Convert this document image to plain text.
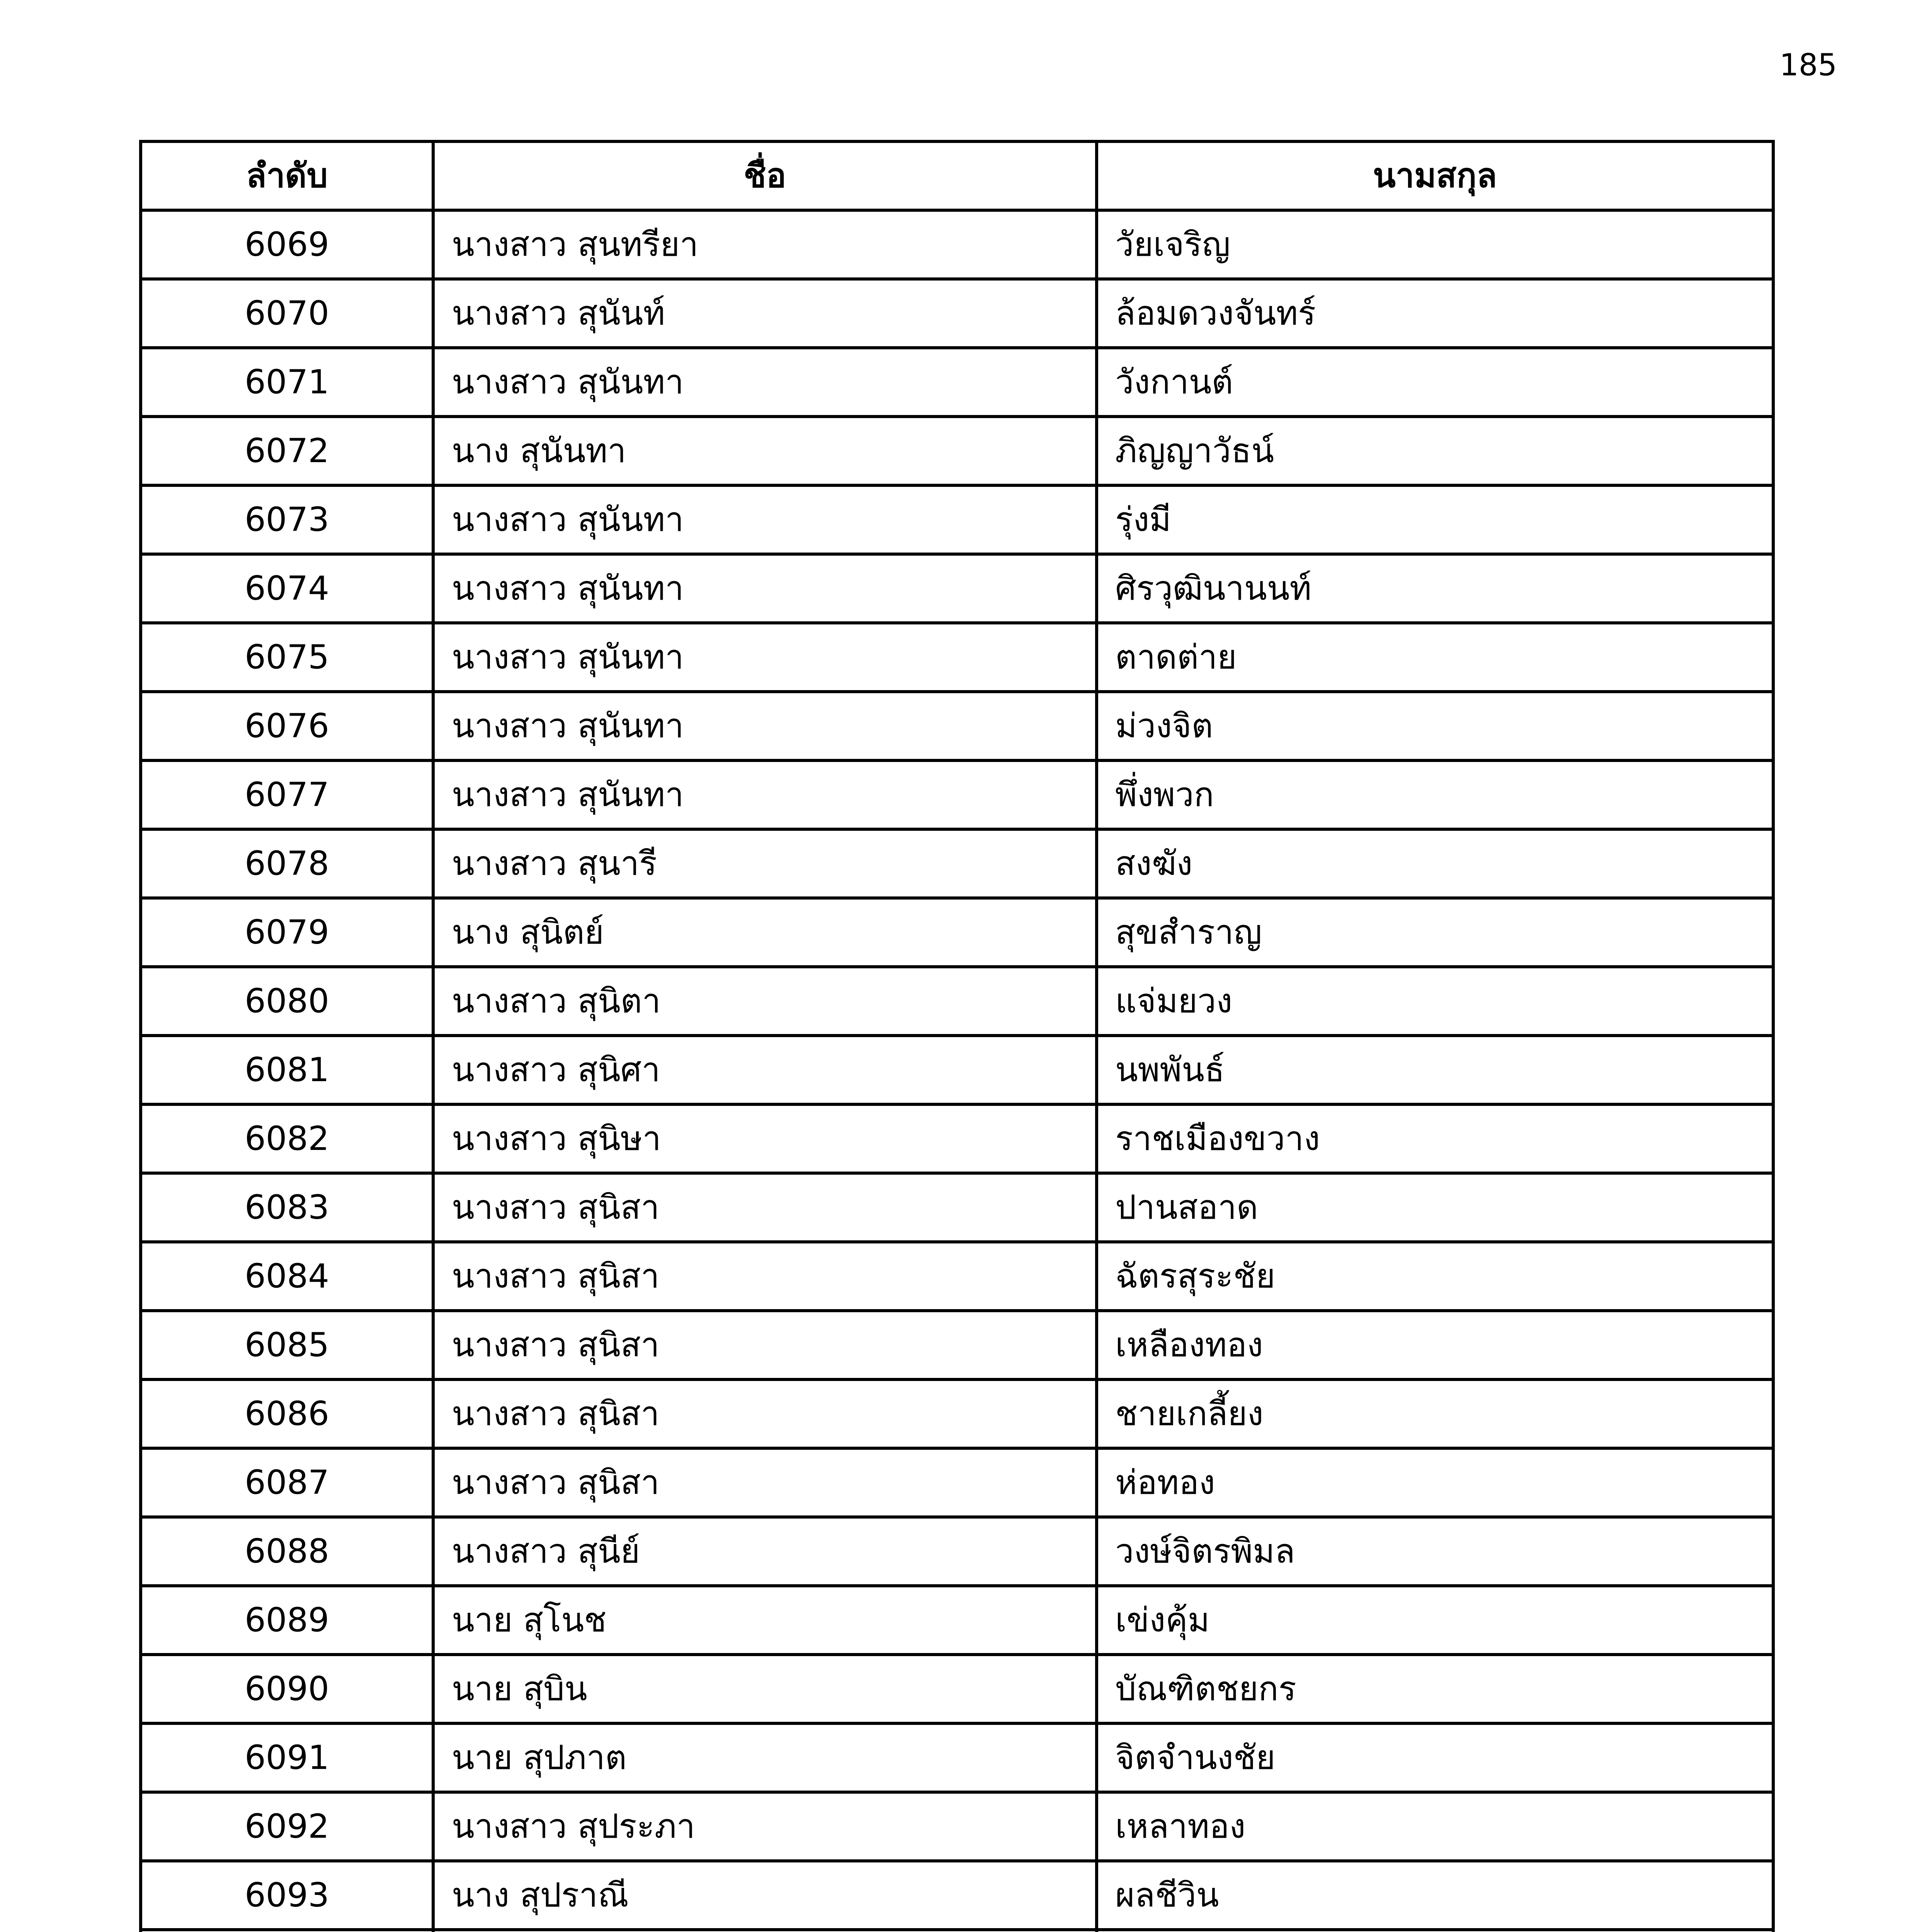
185
ลำดับ	ชื่อ	นามสกุล
6069	นางสาว สุนทรียา	วัยเจริญ
6070	นางสาว สุนันท์	ล้อมดวงจันทร์
6071	นางสาว สุนันทา	วังกานต์
6072	นาง สุนันทา	ภิญญาวัธน์
6073	นางสาว สุนันทา	รุ่งมี
6074	นางสาว สุนันทา	ศิรวุฒินานนท์
6075	นางสาว สุนันทา	ตาดต่าย
6076	นางสาว สุนันทา	ม่วงจิต
6077	นางสาว สุนันทา	พึ่งพวก
6078	นางสาว สุนารี	สงฆัง
6079	นาง สุนิตย์	สุขสำราญ
6080	นางสาว สุนิตา	แจ่มยวง
6081	นางสาว สุนิศา	นพพันธ์
6082	นางสาว สุนิษา	ราชเมืองขวาง
6083	นางสาว สุนิสา	ปานสอาด
6084	นางสาว สุนิสา	ฉัตรสุระชัย
6085	นางสาว สุนิสา	เหลืองทอง
6086	นางสาว สุนิสา	ชายเกลี้ยง
6087	นางสาว สุนิสา	ห่อทอง
6088	นางสาว สุนีย์	วงษ์จิตรพิมล
6089	นาย สุโนช	เข่งคุ้ม
6090	นาย สุบิน	บัณฑิตชยกร
6091	นาย สุปภาต	จิตจำนงชัย
6092	นางสาว สุประภา	เหลาทอง
6093	นาง สุปราณี	ผลชีวิน
